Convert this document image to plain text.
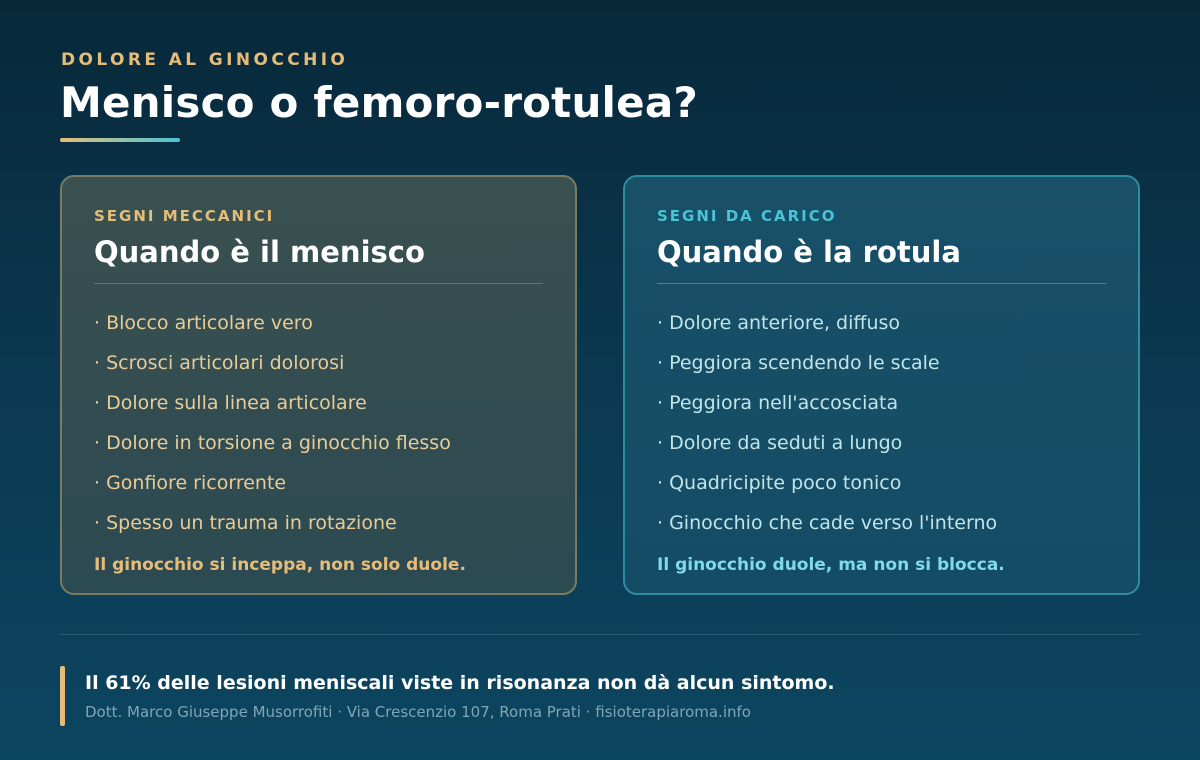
DOLORE AL GINOCCHIO
Menisco o femoro-rotulea?
SEGNI MECCANICI
Quando è il menisco
· Blocco articolare vero
· Scrosci articolari dolorosi
· Dolore sulla linea articolare
· Dolore in torsione a ginocchio flesso
· Gonfiore ricorrente
· Spesso un trauma in rotazione
Il ginocchio si inceppa, non solo duole.
SEGNI DA CARICO
Quando è la rotula
· Dolore anteriore, diffuso
· Peggiora scendendo le scale
· Peggiora nell'accosciata
· Dolore da seduti a lungo
· Quadricipite poco tonico
· Ginocchio che cade verso l'interno
Il ginocchio duole, ma non si blocca.

Il 61% delle lesioni meniscali viste in risonanza non dà alcun sintomo.

Dott. Marco Giuseppe Musorrofiti · Via Crescenzio 107, Roma Prati · fisioterapiaroma.info
